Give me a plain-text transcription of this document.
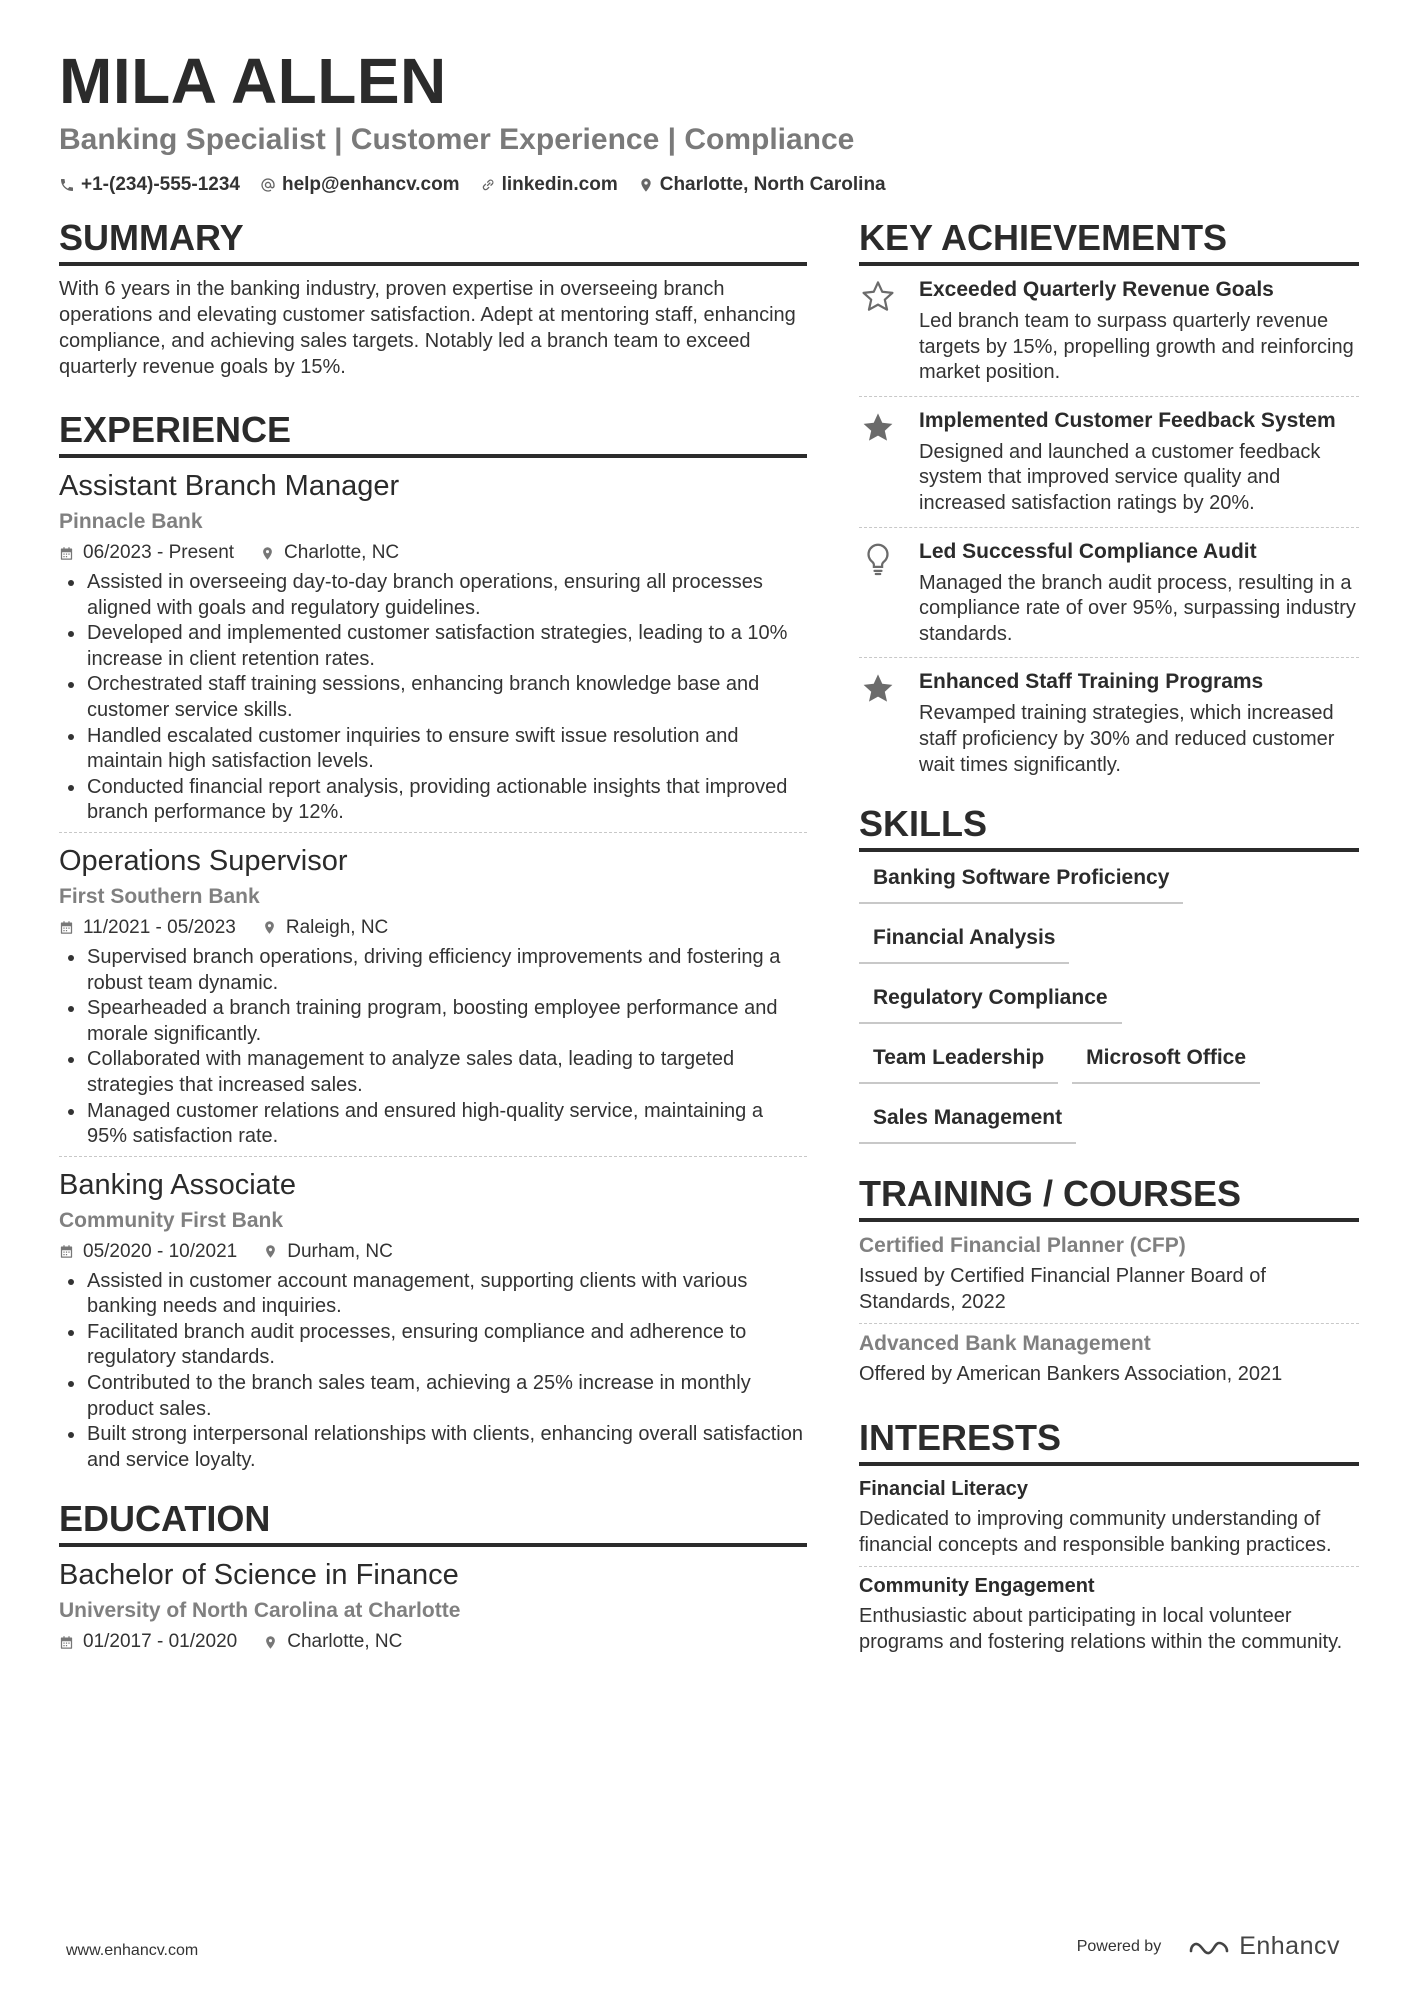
MILA ALLEN
Banking Specialist | Customer Experience | Compliance
+1-(234)-555-1234 help@enhancv.com linkedin.com Charlotte, North Carolina
SUMMARY
With 6 years in the banking industry, proven expertise in overseeing branch operations and elevating customer satisfaction. Adept at mentoring staff, enhancing compliance, and achieving sales targets. Notably led a branch team to exceed quarterly revenue goals by 15%.
EXPERIENCE
Assistant Branch Manager
Pinnacle Bank
06/2023 - Present	Charlotte, NC
Assisted in overseeing day-to-day branch operations, ensuring all processes aligned with goals and regulatory guidelines.
Developed and implemented customer satisfaction strategies, leading to a 10% increase in client retention rates.
Orchestrated staff training sessions, enhancing branch knowledge base and customer service skills.
Handled escalated customer inquiries to ensure swift issue resolution and maintain high satisfaction levels.
Conducted financial report analysis, providing actionable insights that improved branch performance by 12%.
Operations Supervisor
First Southern Bank
11/2021 - 05/2023	Raleigh, NC
Supervised branch operations, driving efficiency improvements and fostering a robust team dynamic.
Spearheaded a branch training program, boosting employee performance and morale significantly.
Collaborated with management to analyze sales data, leading to targeted strategies that increased sales.
Managed customer relations and ensured high-quality service, maintaining a 95% satisfaction rate.
Banking Associate
Community First Bank
05/2020 - 10/2021	Durham, NC
Assisted in customer account management, supporting clients with various banking needs and inquiries.
Facilitated branch audit processes, ensuring compliance and adherence to regulatory standards.
Contributed to the branch sales team, achieving a 25% increase in monthly product sales.
Built strong interpersonal relationships with clients, enhancing overall satisfaction and service loyalty.
EDUCATION
Bachelor of Science in Finance
University of North Carolina at Charlotte
01/2017 - 01/2020	Charlotte, NC
KEY ACHIEVEMENTS
Exceeded Quarterly Revenue Goals
Led branch team to surpass quarterly revenue targets by 15%, propelling growth and reinforcing market position.
Implemented Customer Feedback System
Designed and launched a customer feedback system that improved service quality and increased satisfaction ratings by 20%.
Led Successful Compliance Audit
Managed the branch audit process, resulting in a compliance rate of over 95%, surpassing industry standards.
Enhanced Staff Training Programs
Revamped training strategies, which increased staff proficiency by 30% and reduced customer wait times significantly.
SKILLS
Banking Software Proficiency
Financial Analysis
Regulatory Compliance
Team Leadership	Microsoft Office
Sales Management
TRAINING / COURSES
Certified Financial Planner (CFP)
Issued by Certified Financial Planner Board of Standards, 2022
Advanced Bank Management
Offered by American Bankers Association, 2021
INTERESTS
Financial Literacy
Dedicated to improving community understanding of financial concepts and responsible banking practices.
Community Engagement
Enthusiastic about participating in local volunteer programs and fostering relations within the community.
www.enhancv.com	Powered by	Enhancv
